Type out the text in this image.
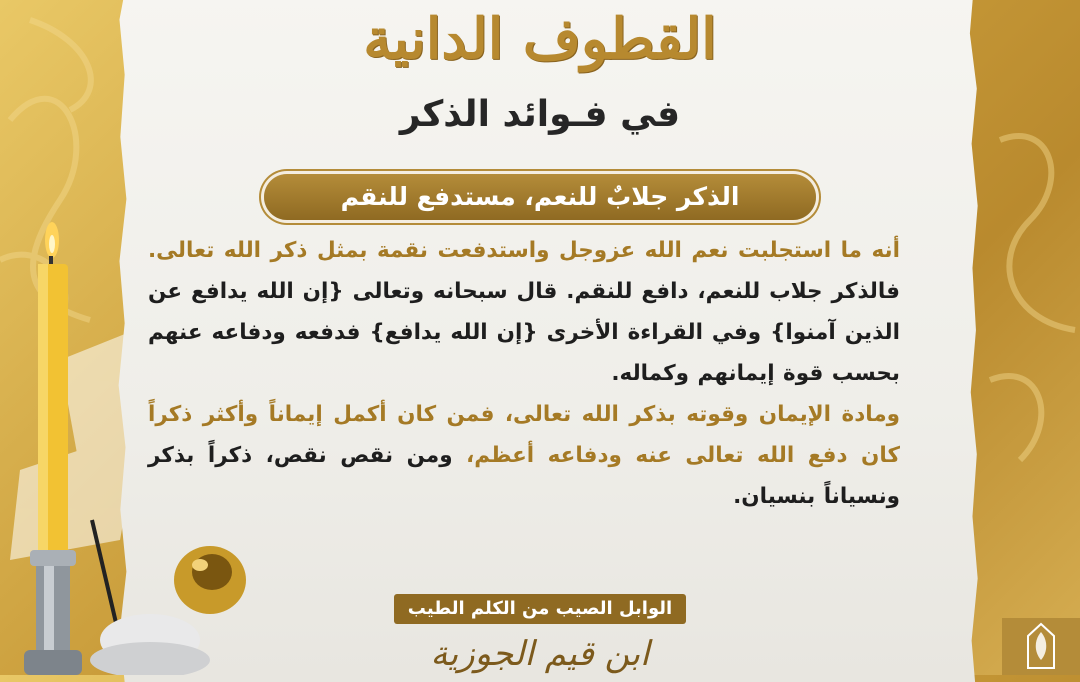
القطوف الدانية
في فـوائد الذكر
الذكر جلابٌ للنعم، مستدفع للنقم
أنه ما استجلبت نعم الله عزوجل واستدفعت نقمة بمثل ذكر الله تعالى. فالذكر جلاب للنعم، دافع للنقم. قال سبحانه وتعالى {إن الله يدافع عن الذين آمنوا} وفي القراءة الأخرى {إن الله يدافع} فدفعه ودفاعه عنهم بحسب قوة إيمانهم وكماله.
ومادة الإيمان وقوته بذكر الله تعالى، فمن كان أكمل إيماناً وأكثر ذكراً كان دفع الله تعالى عنه ودفاعه أعظم، ومن نقص نقص، ذكراً بذكر ونسياناً بنسيان.
الوابل الصيب من الكلم الطيب
ابن قيم الجوزية
